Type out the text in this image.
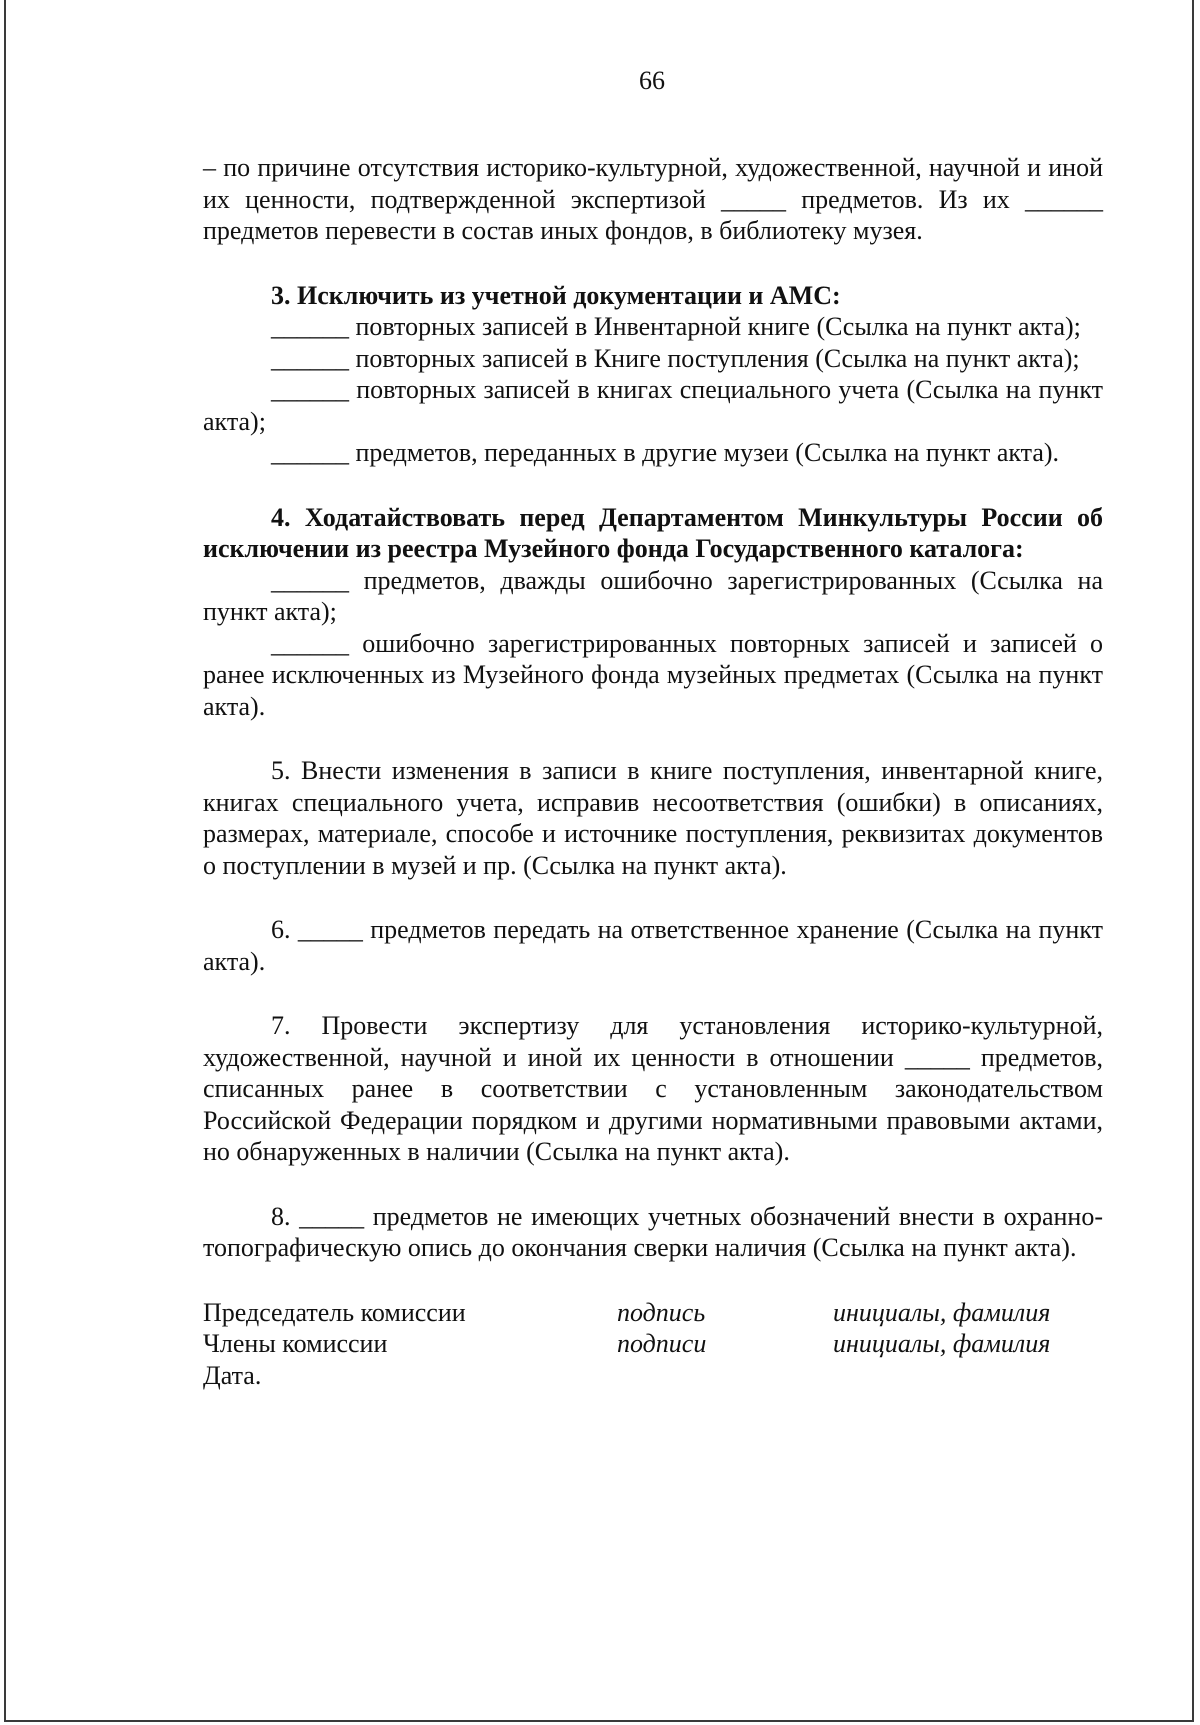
66

– по причине отсутствия историко-культурной, художественной, научной и иной их ценности, подтвержденной экспертизой _____ предметов. Из их ______ предметов перевести в состав иных фондов, в библиотеку музея.

3. Исключить из учетной документации и АМС:

______ повторных записей в Инвентарной книге (Ссылка на пункт акта);

______ повторных записей в Книге поступления (Ссылка на пункт акта);

______ повторных записей в книгах специального учета (Ссылка на пункт акта);

______ предметов, переданных в другие музеи (Ссылка на пункт акта).

4. Ходатайствовать перед Департаментом Минкультуры России об исключении из реестра Музейного фонда Государственного каталога:

______ предметов, дважды ошибочно зарегистрированных (Ссылка на пункт акта);

______ ошибочно зарегистрированных повторных записей и записей о ранее исключенных из Музейного фонда музейных предметах (Ссылка на пункт акта).

5. Внести изменения в записи в книге поступления, инвентарной книге, книгах специального учета, исправив несоответствия (ошибки) в описаниях, размерах, материале, способе и источнике поступления, реквизитах документов о поступлении в музей и пр. (Ссылка на пункт акта).

6. _____ предметов передать на ответственное хранение (Ссылка на пункт акта).

7. Провести экспертизу для установления историко-культурной, художественной, научной и иной их ценности в отношении _____ предметов, списанных ранее в соответствии с установленным законодательством Российской Федерации порядком и другими нормативными правовыми актами, но обнаруженных в наличии (Ссылка на пункт акта).

8. _____ предметов не имеющих учетных обозначений внести в охранно-топографическую опись до окончания сверки наличия (Ссылка на пункт акта).

Председатель комиссии	подпись	инициалы, фамилия
Члены комиссии	подписи	инициалы, фамилия
Дата.
